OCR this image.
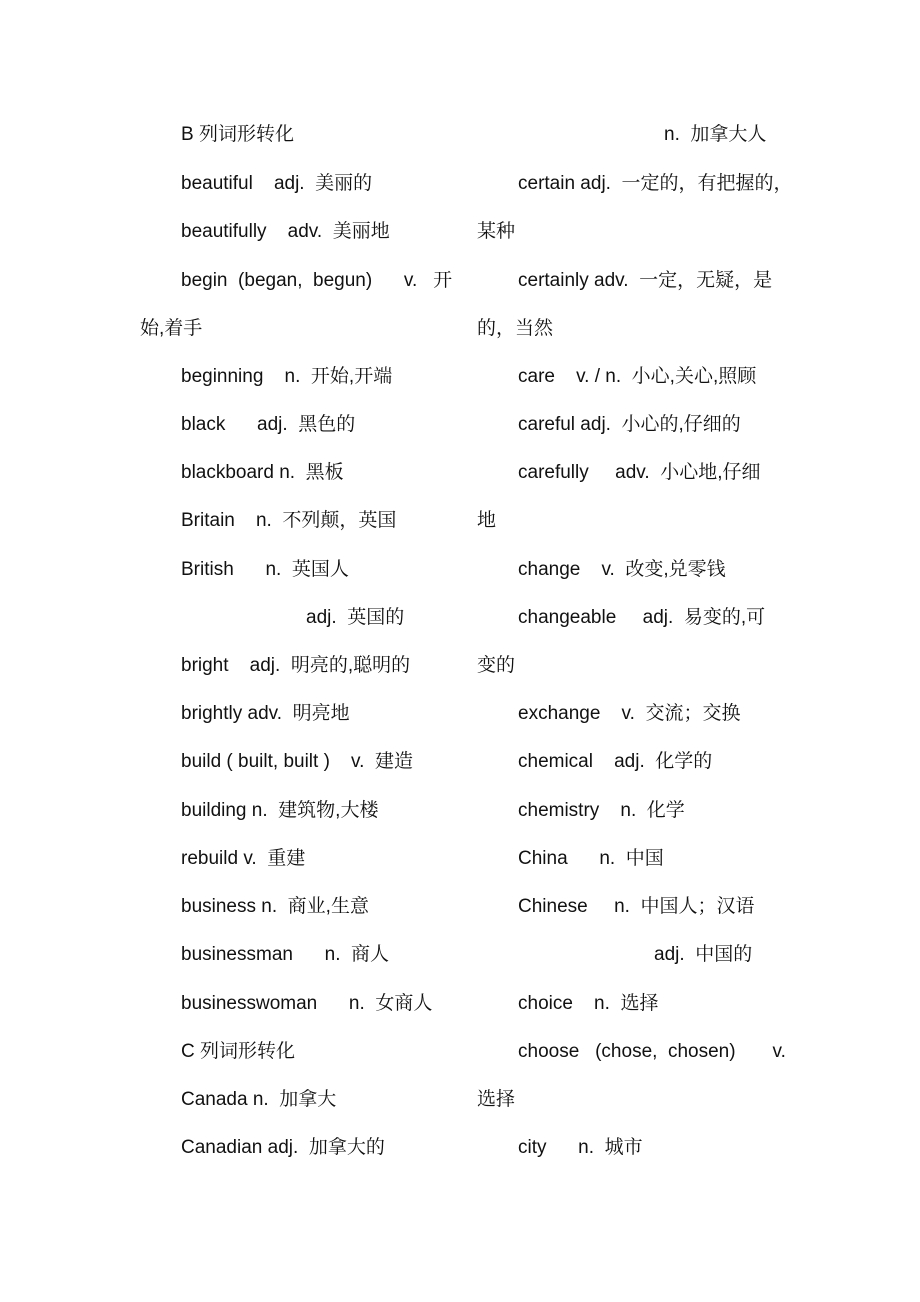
B 列词形转化
beautiful    adj.  美丽的
beautifully    adv.  美丽地
begin  (began,  begun)      v.   开
始,着手
beginning    n.  开始,开端
black      adj.  黑色的
blackboard n.  黑板
Britain    n.  不列颠，英国
British      n.  英国人
adj.  英国的
bright    adj.  明亮的,聪明的
brightly adv.  明亮地
build ( built, built )    v.  建造
building n.  建筑物,大楼
rebuild v.  重建
business n.  商业,生意
businessman      n.  商人
businesswoman      n.  女商人
C 列词形转化
Canada n.  加拿大
Canadian adj.  加拿大的
n.  加拿大人
certain adj.  一定的，有把握的，
某种
certainly adv.  一定，无疑，是
的，当然
care    v. / n.  小心,关心,照顾
careful adj.  小心的,仔细的
carefully     adv.  小心地,仔细
地
change    v.  改变,兑零钱
changeable     adj.  易变的,可
变的
exchange    v.  交流；交换
chemical    adj.  化学的
chemistry    n.  化学
China      n.  中国
Chinese     n.  中国人；汉语
adj.  中国的
choice    n.  选择
choose   (chose,  chosen)       v.
选择
city      n.  城市
